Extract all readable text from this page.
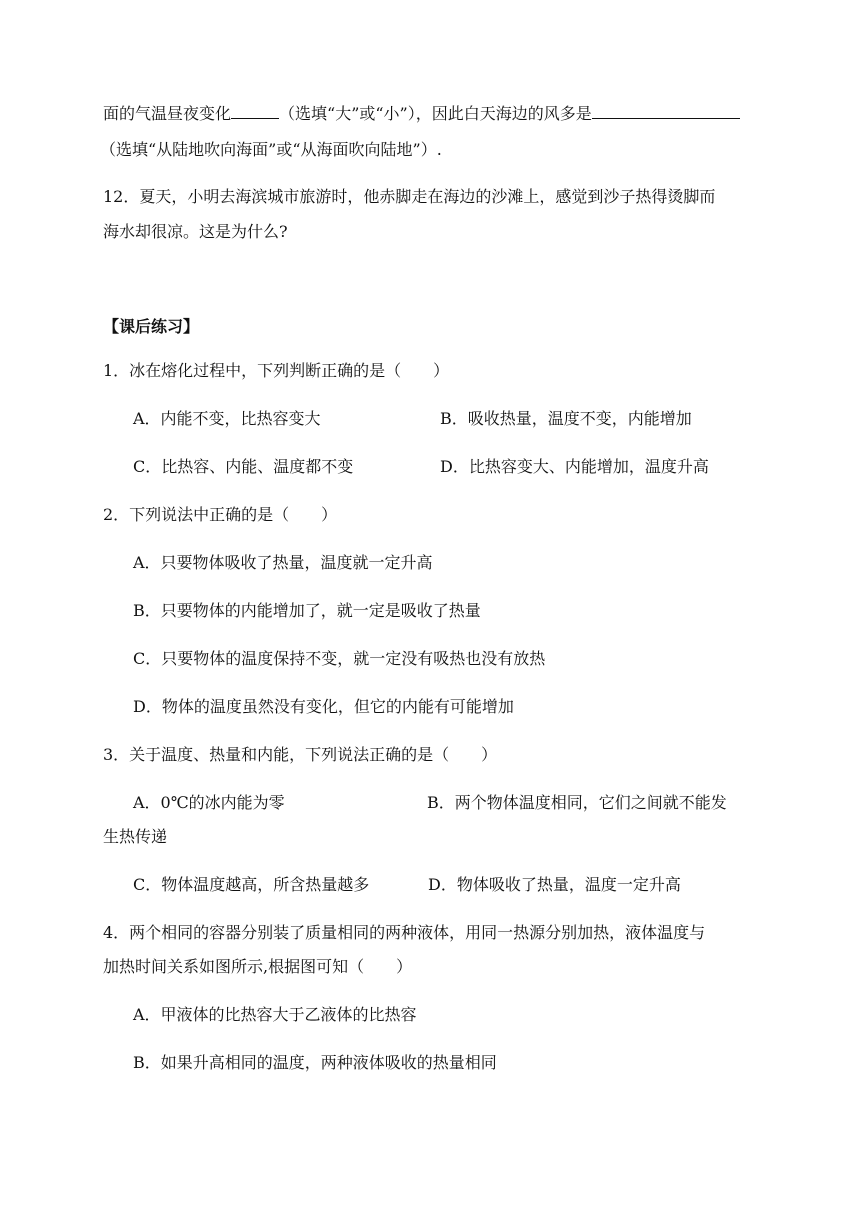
面的气温昼夜变化	（选填“大”或“小”），因此白天海边的风多是
（选填“从陆地吹向海面”或“从海面吹向陆地”）.
12．夏天，小明去海滨城市旅游时，他赤脚走在海边的沙滩上，感觉到沙子热得烫脚而
海水却很凉。这是为什么?
【课后练习】
1．冰在熔化过程中，下列判断正确的是（　　）
A．内能不变，比热容变大	B．吸收热量，温度不变，内能增加
C．比热容、内能、温度都不变	D．比热容变大、内能增加，温度升高
2．下列说法中正确的是（　　）
A．只要物体吸收了热量，温度就一定升高
B．只要物体的内能增加了，就一定是吸收了热量
C．只要物体的温度保持不变，就一定没有吸热也没有放热
D．物体的温度虽然没有变化，但它的内能有可能增加
3．关于温度、热量和内能，下列说法正确的是（　　）
A．0℃的冰内能为零	B．两个物体温度相同，它们之间就不能发
生热传递
C．物体温度越高，所含热量越多	D．物体吸收了热量，温度一定升高
4．两个相同的容器分别装了质量相同的两种液体，用同一热源分别加热，液体温度与
加热时间关系如图所示,根据图可知（　　）
A．甲液体的比热容大于乙液体的比热容
B．如果升高相同的温度，两种液体吸收的热量相同
